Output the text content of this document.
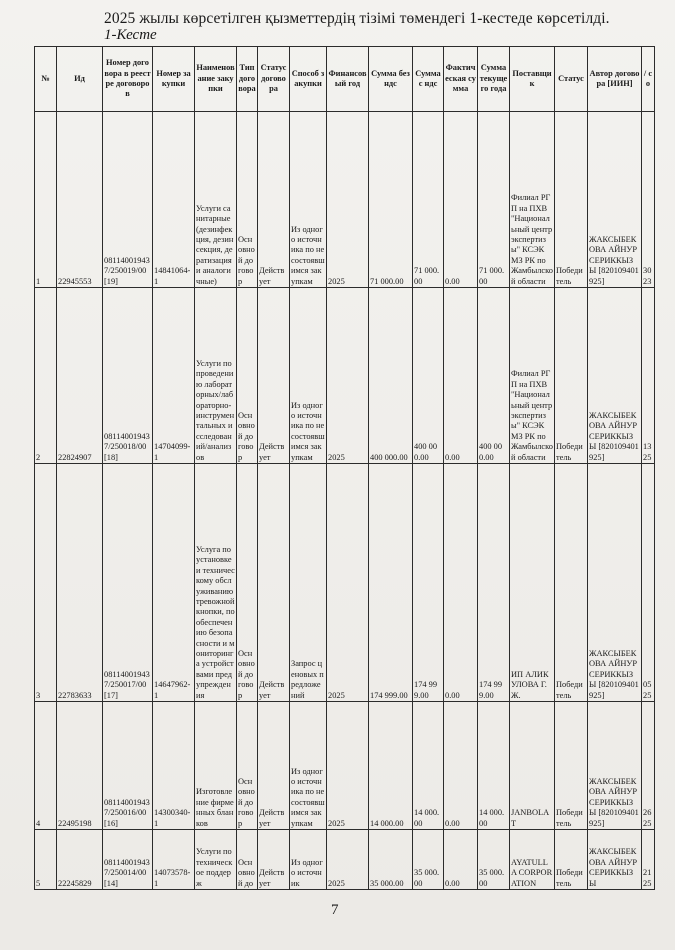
2025 жылы көрсетілген қызметтердің тізімі төмендегі 1-кестеде көрсетілді.
1-Кесте
№	Ид	Номер договора в реестре договоров	Номер закупки	Наименование закупки	Тип договора	Статус договора	Способ закупки	Финансовый год	Сумма без ндс	Сумма с ндс	Фактическая сумма	Сумма текущего года	Поставщик	Статус	Автор договора [ИИН]	/ со
1	22945553	081140019437/250019/00 [19]	14841064-1	Услуги санитарные (дезинфекция, дезинсекция, дератизация и аналогичные)	Основной договор	Действует	Из одного источника по несостоявшимся закупкам	2025	71 000.00	71 000.00	0.00	71 000.00	Филиал РГП на ПХВ "Национальный центр экспертизы" КСЭК МЗ РК по Жамбылской области	Победитель	ЖАКСЫБЕКОВА АЙНУР СЕРИККЫЗЫ [820109401925]	3023
2	22824907	081140019437/250018/00 [18]	14704099-1	Услуги по проведению лабораторных/лабораторно-инструментальных исследований/анализов	Основной договор	Действует	Из одного источника по несостоявшимся закупкам	2025	400 000.00	400 000.00	0.00	400 000.00	Филиал РГП на ПХВ "Национальный центр экспертизы" КСЭК МЗ РК по Жамбылской области	Победитель	ЖАКСЫБЕКОВА АЙНУР СЕРИККЫЗЫ [820109401925]	1325
3	22783633	081140019437/250017/00 [17]	14647962-1	Услуга по установке и техническому обслуживанию тревожной кнопки, по обеспечению безопасности и мониторинга устройствами предупреждения	Основной договор	Действует	Запрос ценовых предложений	2025	174 999.00	174 999.00	0.00	174 999.00	ИП АЛИКУЛОВА Г.Ж.	Победитель	ЖАКСЫБЕКОВА АЙНУР СЕРИККЫЗЫ [820109401925]	0525
4	22495198	081140019437/250016/00 [16]	14300340-1	Изготовление фирменных бланков	Основной договор	Действует	Из одного источника по несостоявшимся закупкам	2025	14 000.00	14 000.00	0.00	14 000.00	JANBOLAT	Победитель	ЖАКСЫБЕКОВА АЙНУР СЕРИККЫЗЫ [820109401925]	2625
5	22245829	081140019437/250014/00 [14]	14073578-1	Услуги по техническое поддерж	Основной до	Действует	Из одного источник	2025	35 000.00	35 000.00	0.00	35 000.00	AYATULLA CORPORATION	Победитель	ЖАКСЫБЕКОВА АЙНУР СЕРИККЫЗЫ	2125
7
